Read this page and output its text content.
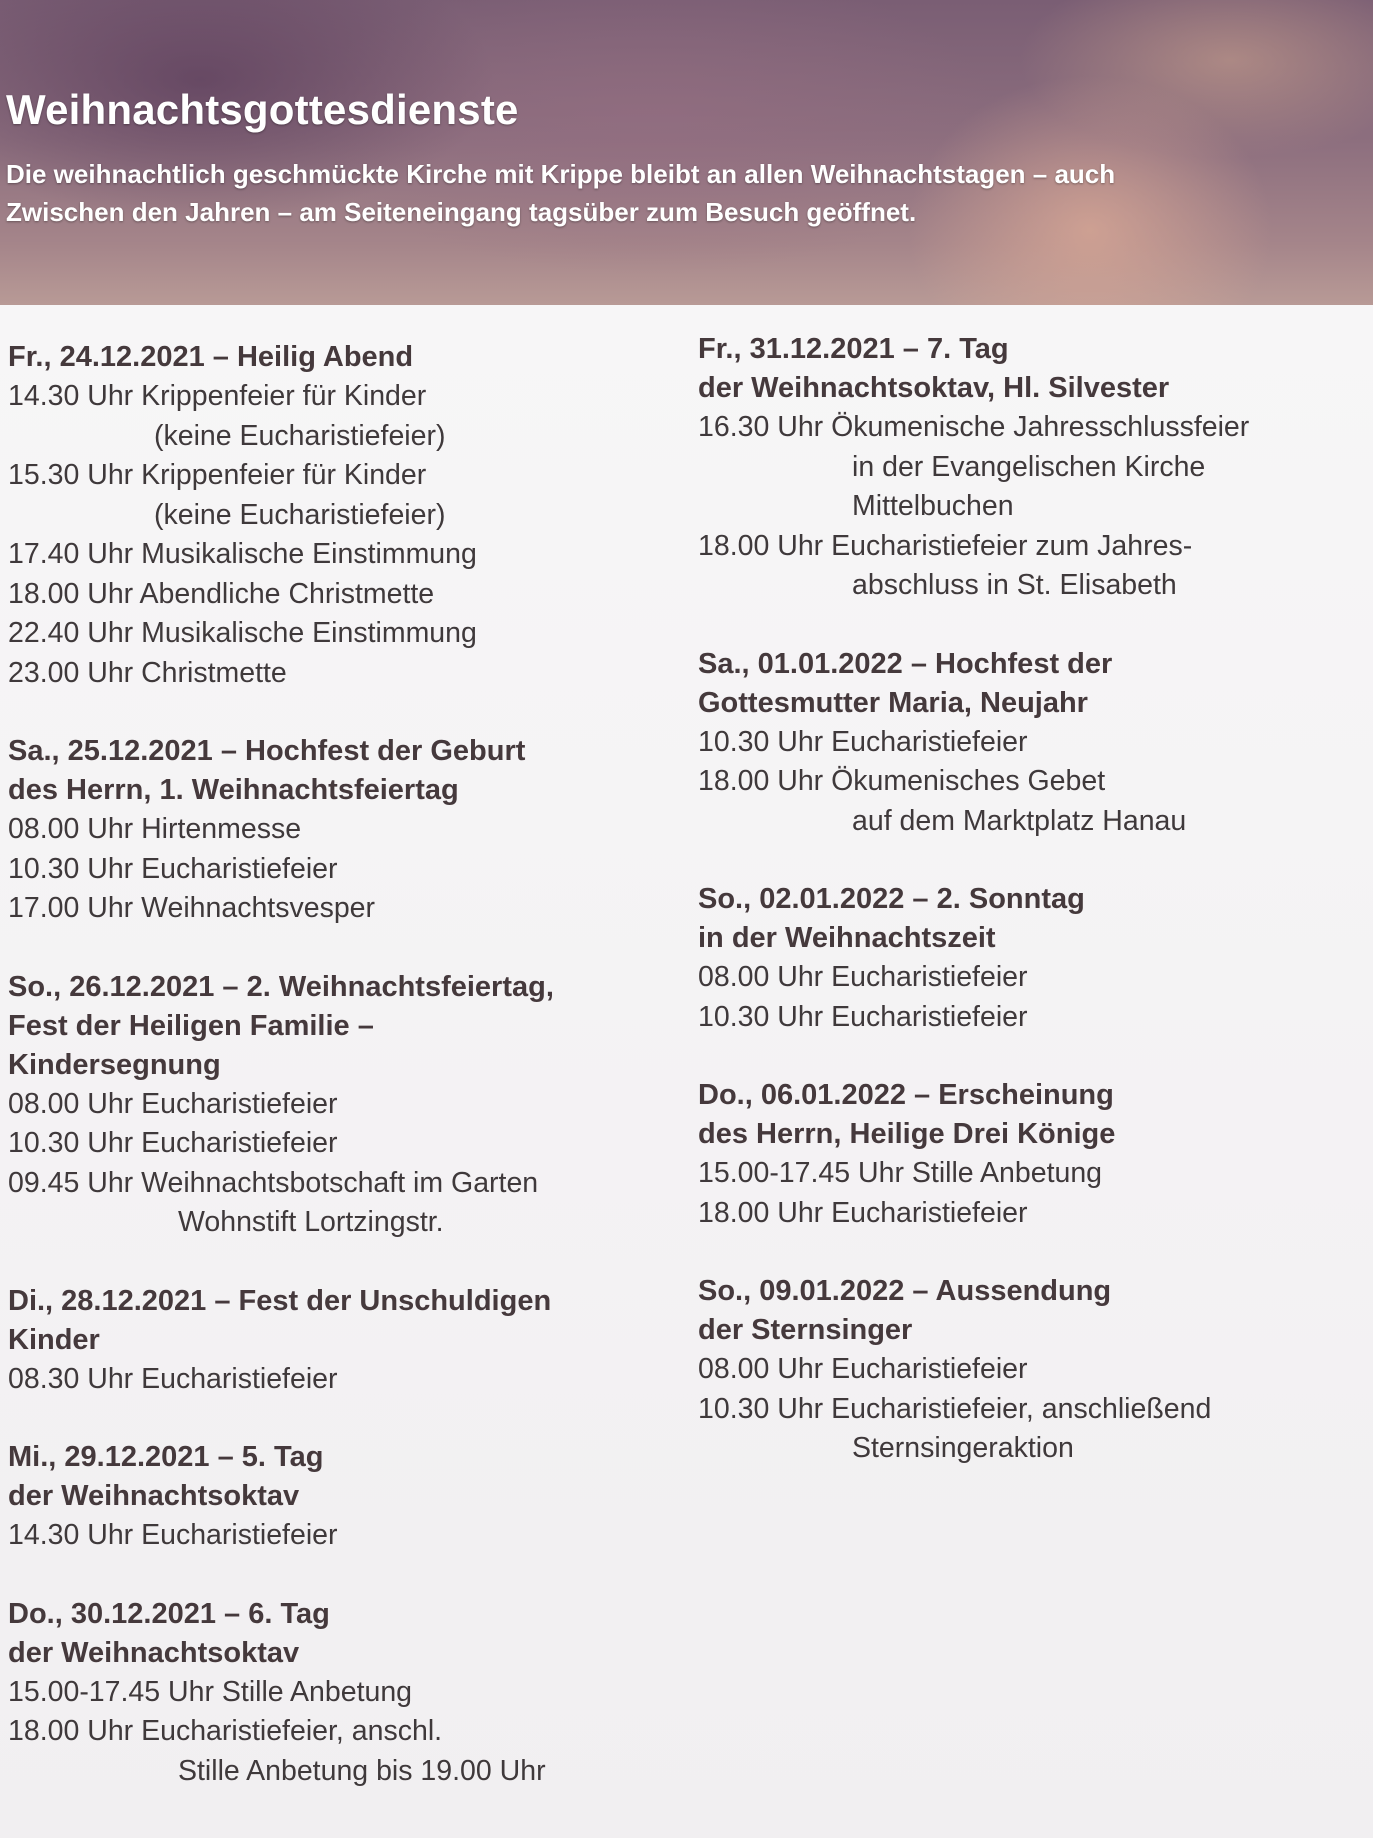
Weihnachtsgottesdienste

Die weihnachtlich geschmückte Kirche mit Krippe bleibt an allen Weihnachtstagen – auch Zwischen den Jahren – am Seiteneingang tagsüber zum Besuch geöffnet.

Fr., 24.12.2021 – Heilig Abend

14.30 Uhr Krippenfeier für Kinder

(keine Eucharistiefeier)

15.30 Uhr Krippenfeier für Kinder

(keine Eucharistiefeier)

17.40 Uhr Musikalische Einstimmung

18.00 Uhr Abendliche Christmette

22.40 Uhr Musikalische Einstimmung

23.00 Uhr Christmette

Sa., 25.12.2021 – Hochfest der Geburt

des Herrn, 1. Weihnachtsfeiertag

08.00 Uhr Hirtenmesse

10.30 Uhr Eucharistiefeier

17.00 Uhr Weihnachtsvesper

So., 26.12.2021 – 2. Weihnachtsfeiertag,

Fest der Heiligen Familie –

Kindersegnung

08.00 Uhr Eucharistiefeier

10.30 Uhr Eucharistiefeier

09.45 Uhr Weihnachtsbotschaft im Garten

Wohnstift Lortzingstr.

Di., 28.12.2021 – Fest der Unschuldigen

Kinder

08.30 Uhr Eucharistiefeier

Mi., 29.12.2021 – 5. Tag

der Weihnachtsoktav

14.30 Uhr Eucharistiefeier

Do., 30.12.2021 – 6. Tag

der Weihnachtsoktav

15.00-17.45 Uhr Stille Anbetung

18.00 Uhr Eucharistiefeier, anschl.

Stille Anbetung bis 19.00 Uhr

Fr., 31.12.2021 – 7. Tag

der Weihnachtsoktav, Hl. Silvester

16.30 Uhr Ökumenische Jahresschlussfeier

in der Evangelischen Kirche

Mittelbuchen

18.00 Uhr Eucharistiefeier zum Jahres-

abschluss in St. Elisabeth

Sa., 01.01.2022 – Hochfest der

Gottesmutter Maria, Neujahr

10.30 Uhr Eucharistiefeier

18.00 Uhr Ökumenisches Gebet

auf dem Marktplatz Hanau

So., 02.01.2022 – 2. Sonntag

in der Weihnachtszeit

08.00 Uhr Eucharistiefeier

10.30 Uhr Eucharistiefeier

Do., 06.01.2022 – Erscheinung

des Herrn, Heilige Drei Könige

15.00-17.45 Uhr Stille Anbetung

18.00 Uhr Eucharistiefeier

So., 09.01.2022 – Aussendung

der Sternsinger

08.00 Uhr Eucharistiefeier

10.30 Uhr Eucharistiefeier, anschließend

Sternsingeraktion
